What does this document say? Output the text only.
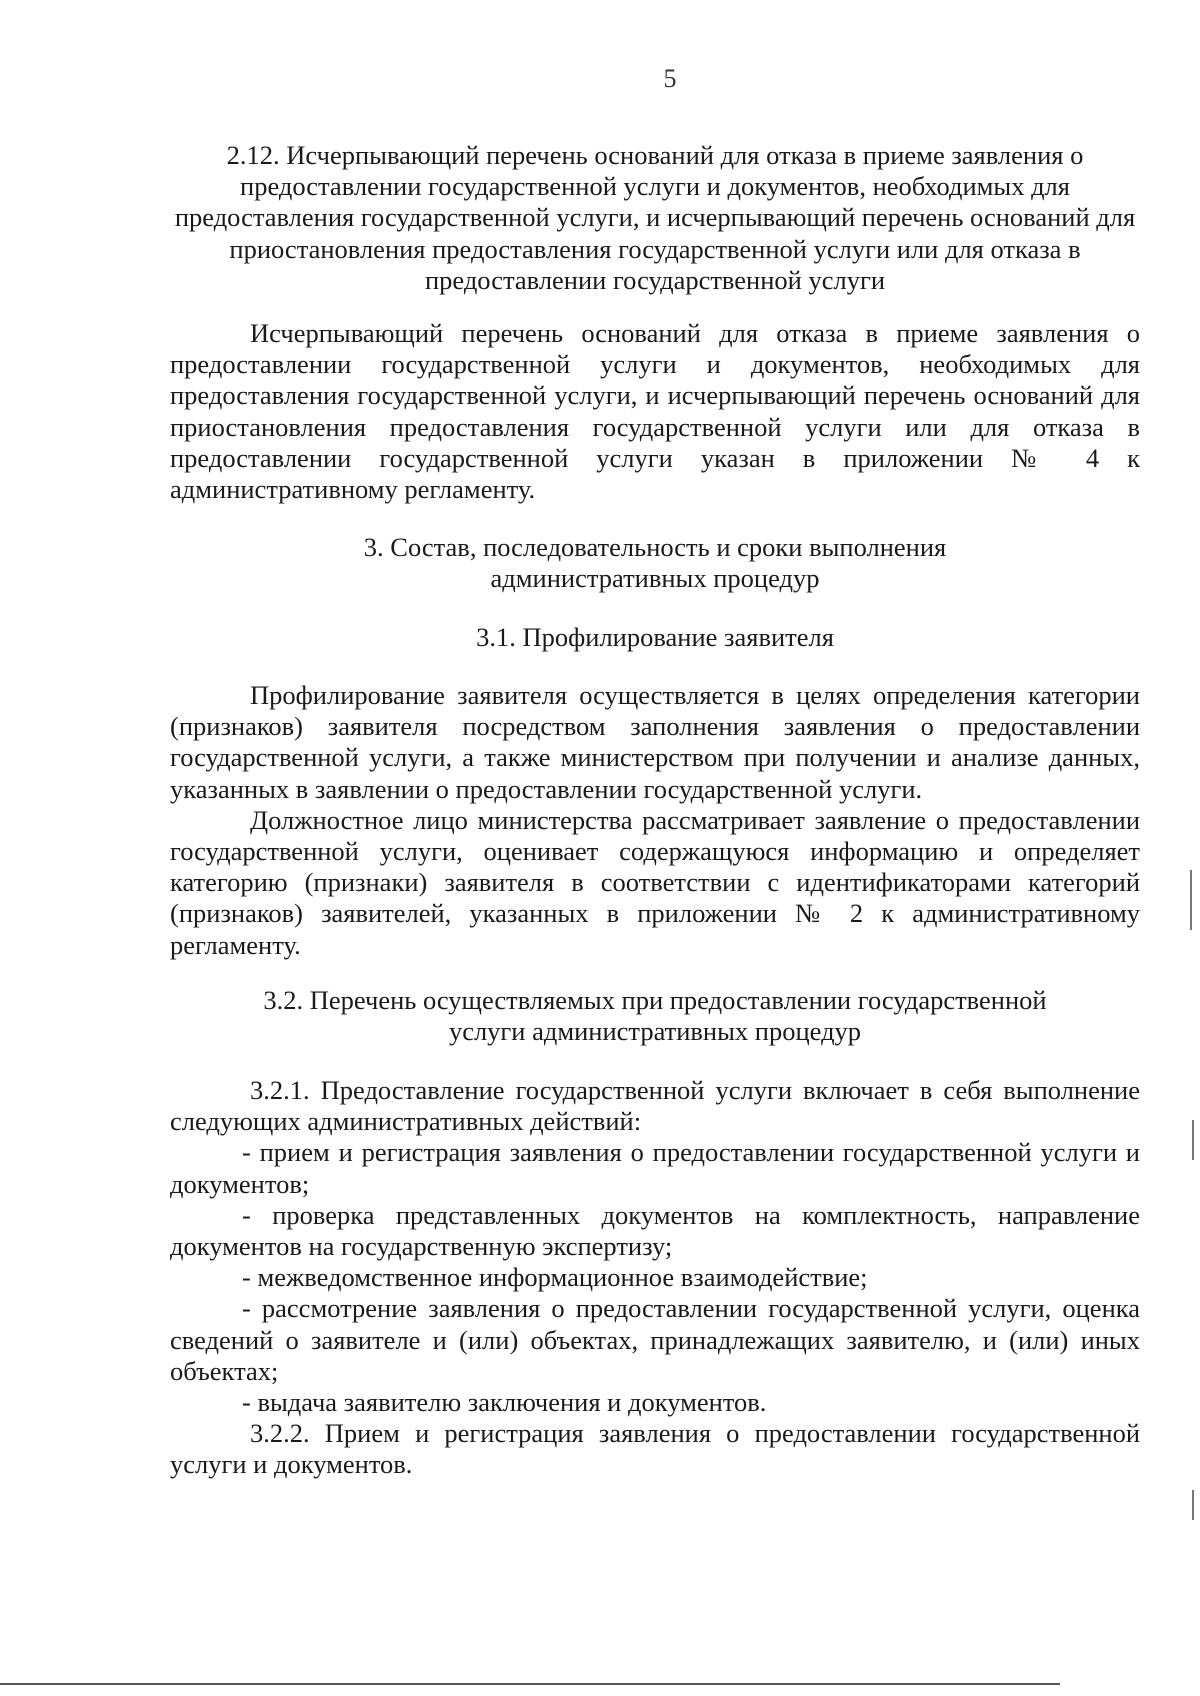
5

2.12. Исчерпывающий перечень оснований для отказа в приеме заявления о предоставлении государственной услуги и документов, необходимых для предоставления государственной услуги, и исчерпывающий перечень оснований для приостановления предоставления государственной услуги или для отказа в предоставлении государственной услуги

Исчерпывающий перечень оснований для отказа в приеме заявления о предоставлении государственной услуги и документов, необходимых для предоставления государственной услуги, и исчерпывающий перечень оснований для приостановления предоставления государственной услуги или для отказа в предоставлении государственной услуги указан в приложении № 4 к административному регламенту.

3. Состав, последовательность и сроки выполнения

административных процедур

3.1. Профилирование заявителя

Профилирование заявителя осуществляется в целях определения категории (признаков) заявителя посредством заполнения заявления о предоставлении государственной услуги, а также министерством при получении и анализе данных, указанных в заявлении о предоставлении государственной услуги.

Должностное лицо министерства рассматривает заявление о предоставлении государственной услуги, оценивает содержащуюся информацию и определяет категорию (признаки) заявителя в соответствии с идентификаторами категорий (признаков) заявителей, указанных в приложении № 2 к административному регламенту.

3.2. Перечень осуществляемых при предоставлении государственной

услуги административных процедур

3.2.1. Предоставление государственной услуги включает в себя выполнение следующих административных действий:

- прием и регистрация заявления о предоставлении государственной услуги и документов;

- проверка представленных документов на комплектность, направление документов на государственную экспертизу;

- межведомственное информационное взаимодействие;

- рассмотрение заявления о предоставлении государственной услуги, оценка сведений о заявителе и (или) объектах, принадлежащих заявителю, и (или) иных объектах;

- выдача заявителю заключения и документов.

3.2.2. Прием и регистрация заявления о предоставлении государственной услуги и документов.
